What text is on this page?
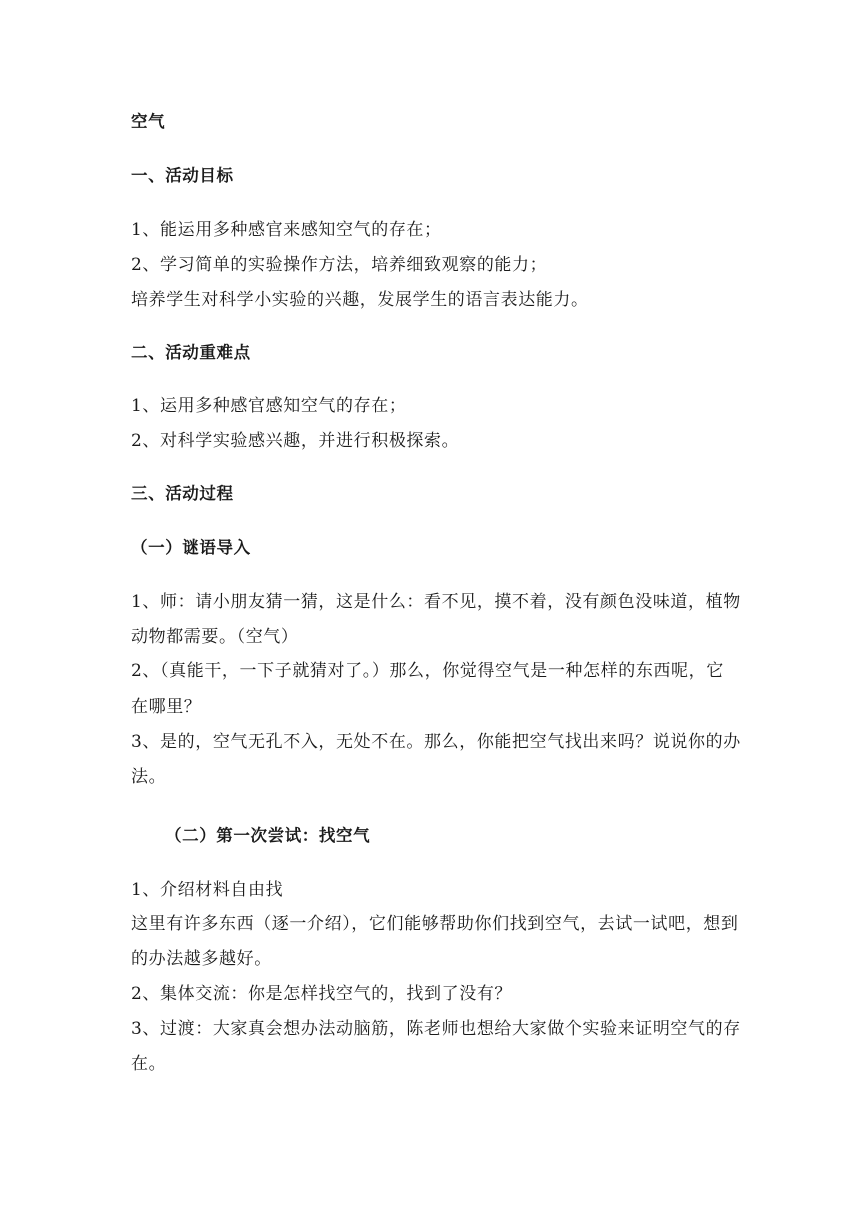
空气
一、活动目标
1、能运用多种感官来感知空气的存在；
2、学习简单的实验操作方法，培养细致观察的能力；
培养学生对科学小实验的兴趣，发展学生的语言表达能力。
二、活动重难点
1、运用多种感官感知空气的存在；
2、对科学实验感兴趣，并进行积极探索。
三、活动过程
（一）谜语导入
1、师：请小朋友猜一猜，这是什么：看不见，摸不着，没有颜色没味道，植物
动物都需要。（空气）
2、（真能干，一下子就猜对了。）那么，你觉得空气是一种怎样的东西呢，它
在哪里？
3、是的，空气无孔不入，无处不在。那么，你能把空气找出来吗？说说你的办
法。
（二）第一次尝试：找空气
1、介绍材料自由找
这里有许多东西（逐一介绍），它们能够帮助你们找到空气，去试一试吧，想到
的办法越多越好。
2、集体交流：你是怎样找空气的，找到了没有？
3、过渡：大家真会想办法动脑筋，陈老师也想给大家做个实验来证明空气的存
在。
